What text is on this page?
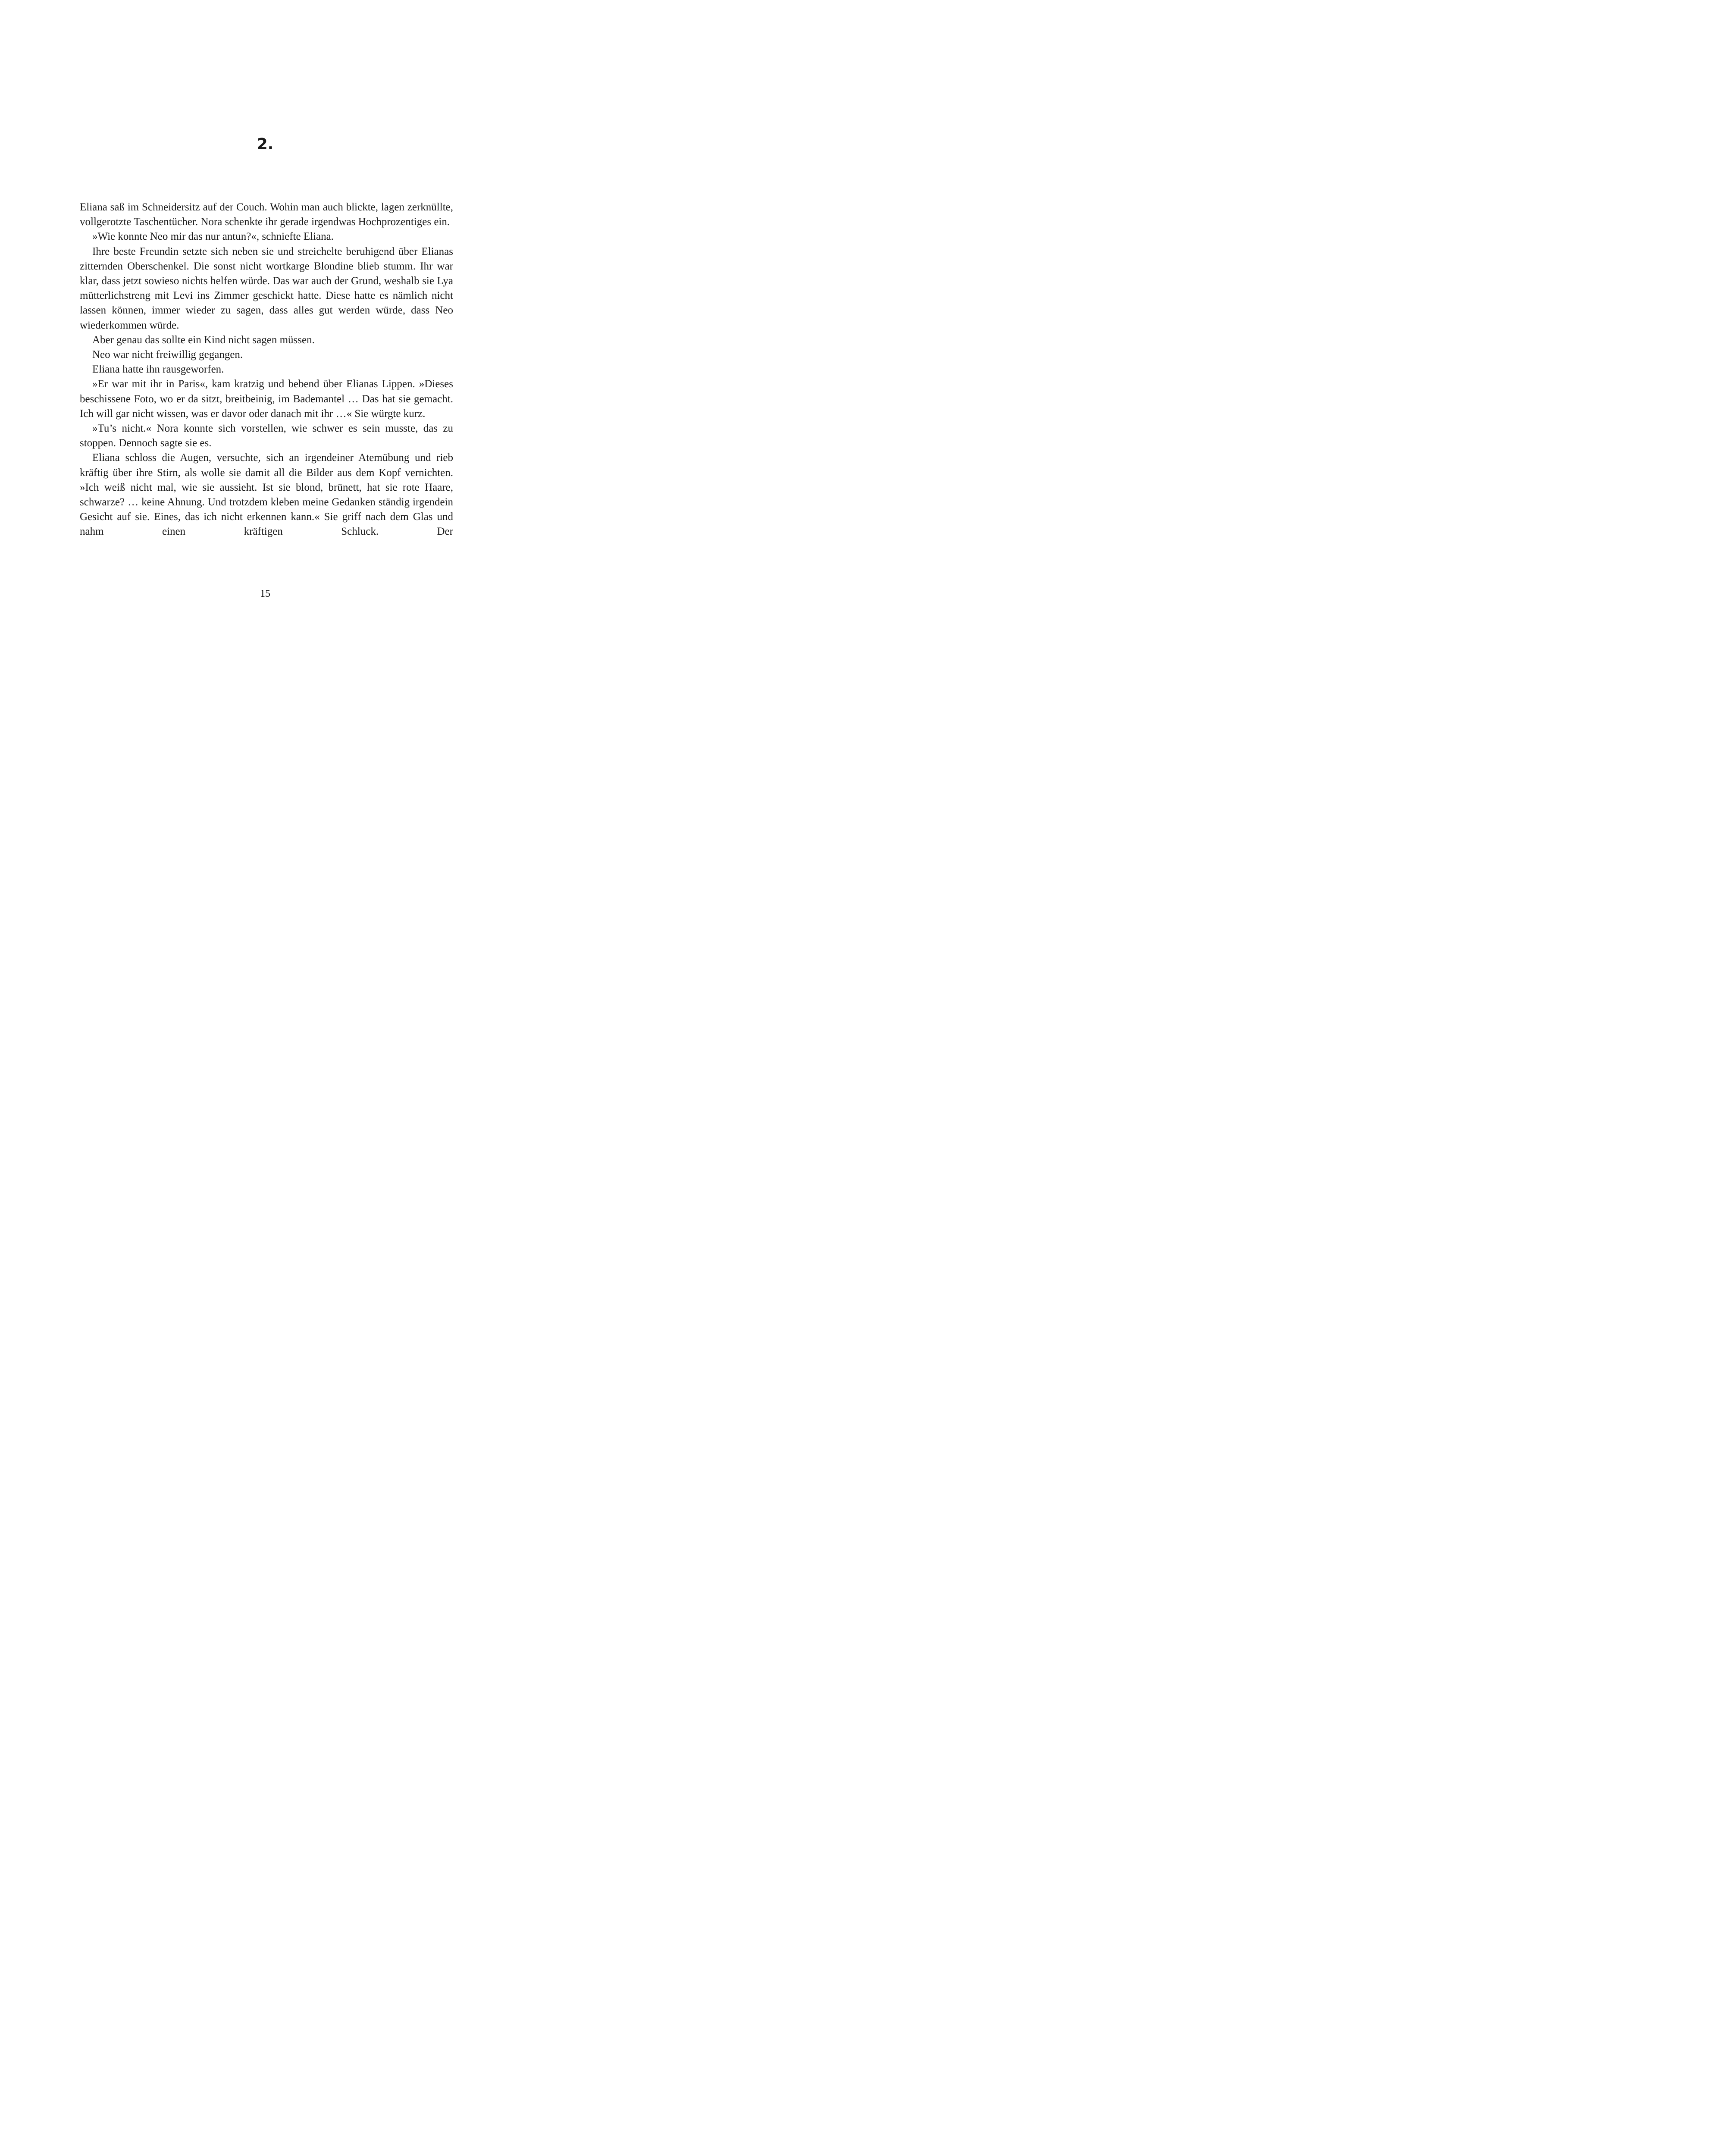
2.

Eliana saß im Schneidersitz auf der Couch. Wohin man auch blickte, lagen zerknüllte, vollgerotzte Taschentücher. Nora schenkte ihr gerade irgendwas Hochprozentiges ein.

»Wie konnte Neo mir das nur antun?«, schniefte Eliana.

Ihre beste Freundin setzte sich neben sie und streichelte beruhigend über Elianas zitternden Oberschenkel. Die sonst nicht wortkarge Blondine blieb stumm. Ihr war klar, dass jetzt sowieso nichts helfen würde. Das war auch der Grund, weshalb sie Lya mütterlichstreng mit Levi ins Zimmer geschickt hatte. Diese hatte es nämlich nicht lassen können, immer wieder zu sagen, dass alles gut werden würde, dass Neo wiederkommen würde.

Aber genau das sollte ein Kind nicht sagen müssen.

Neo war nicht freiwillig gegangen.

Eliana hatte ihn rausgeworfen.

»Er war mit ihr in Paris«, kam kratzig und bebend über Elianas Lippen. »Dieses beschissene Foto, wo er da sitzt, breitbeinig, im Bademantel … Das hat sie gemacht. Ich will gar nicht wissen, was er davor oder danach mit ihr …« Sie würgte kurz.

»Tu’s nicht.« Nora konnte sich vorstellen, wie schwer es sein musste, das zu stoppen. Dennoch sagte sie es.

Eliana schloss die Augen, versuchte, sich an irgendeiner Atemübung und rieb kräftig über ihre Stirn, als wolle sie damit all die Bilder aus dem Kopf vernichten. »Ich weiß nicht mal, wie sie aussieht. Ist sie blond, brünett, hat sie rote Haare, schwarze? … keine Ahnung. Und trotzdem kleben meine Gedanken ständig irgendein Gesicht auf sie. Eines, das ich nicht erkennen kann.« Sie griff nach dem Glas und nahm einen kräftigen Schluck. Der

15
